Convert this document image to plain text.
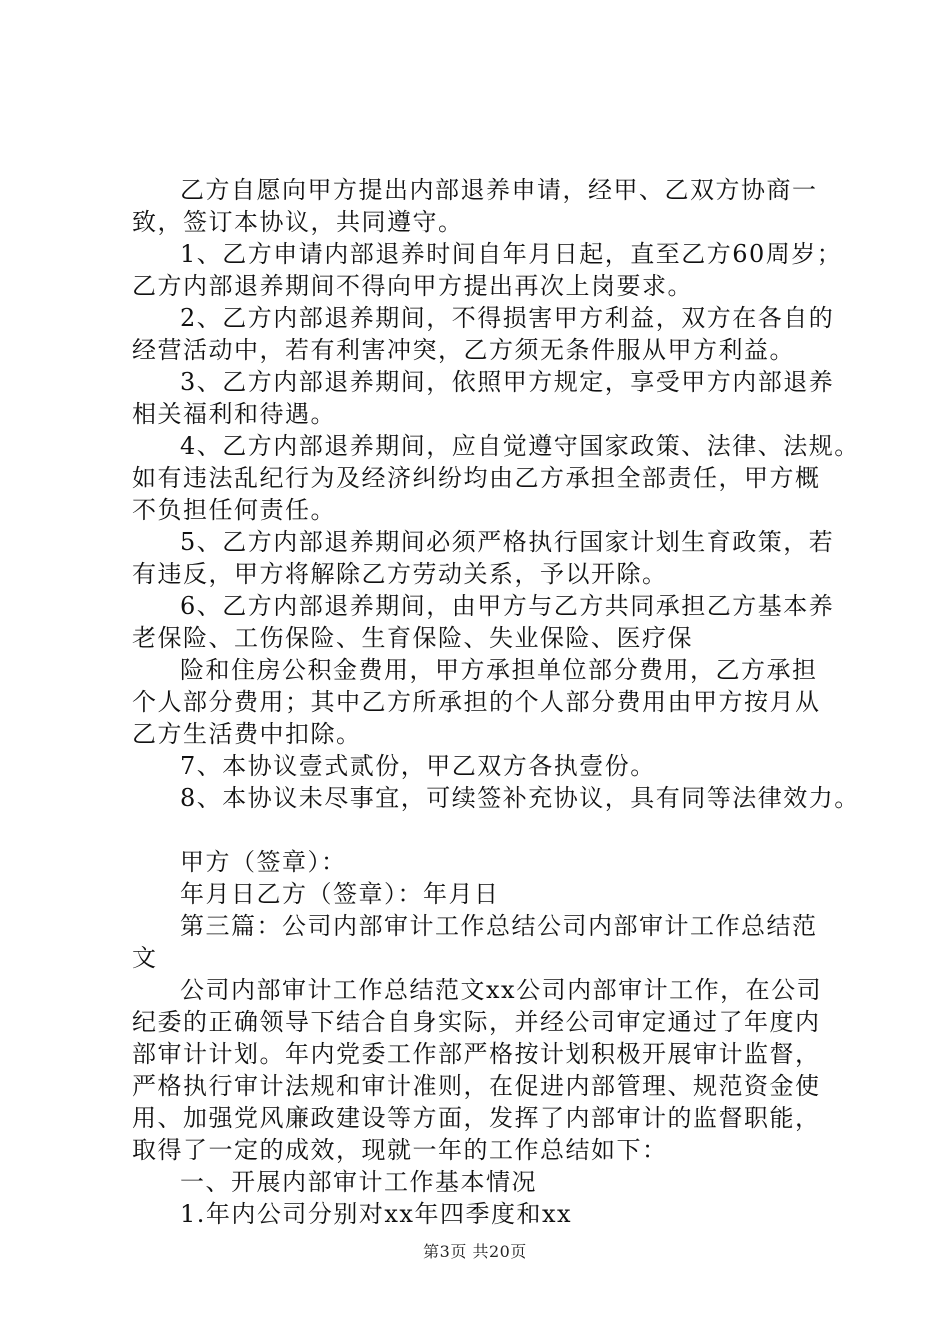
乙方自愿向甲方提出内部退养申请，经甲、乙双方协商一
致，签订本协议，共同遵守。
1、乙方申请内部退养时间自年月日起，直至乙方60周岁；
乙方内部退养期间不得向甲方提出再次上岗要求。
2、乙方内部退养期间，不得损害甲方利益，双方在各自的
经营活动中，若有利害冲突，乙方须无条件服从甲方利益。
3、乙方内部退养期间，依照甲方规定，享受甲方内部退养
相关福利和待遇。
4、乙方内部退养期间，应自觉遵守国家政策、法律、法规。
如有违法乱纪行为及经济纠纷均由乙方承担全部责任，甲方概
不负担任何责任。
5、乙方内部退养期间必须严格执行国家计划生育政策，若
有违反，甲方将解除乙方劳动关系，予以开除。
6、乙方内部退养期间，由甲方与乙方共同承担乙方基本养
老保险、工伤保险、生育保险、失业保险、医疗保
险和住房公积金费用，甲方承担单位部分费用，乙方承担
个人部分费用；其中乙方所承担的个人部分费用由甲方按月从
乙方生活费中扣除。
7、本协议壹式贰份，甲乙双方各执壹份。
8、本协议未尽事宜，可续签补充协议，具有同等法律效力。
甲方（签章）：
年月日乙方（签章）：年月日
第三篇：公司内部审计工作总结公司内部审计工作总结范
文
公司内部审计工作总结范文xx公司内部审计工作，在公司
纪委的正确领导下结合自身实际，并经公司审定通过了年度内
部审计计划。年内党委工作部严格按计划积极开展审计监督，
严格执行审计法规和审计准则，在促进内部管理、规范资金使
用、加强党风廉政建设等方面，发挥了内部审计的监督职能，
取得了一定的成效，现就一年的工作总结如下：
一、开展内部审计工作基本情况
1.年内公司分别对xx年四季度和xx
第3页 共20页
